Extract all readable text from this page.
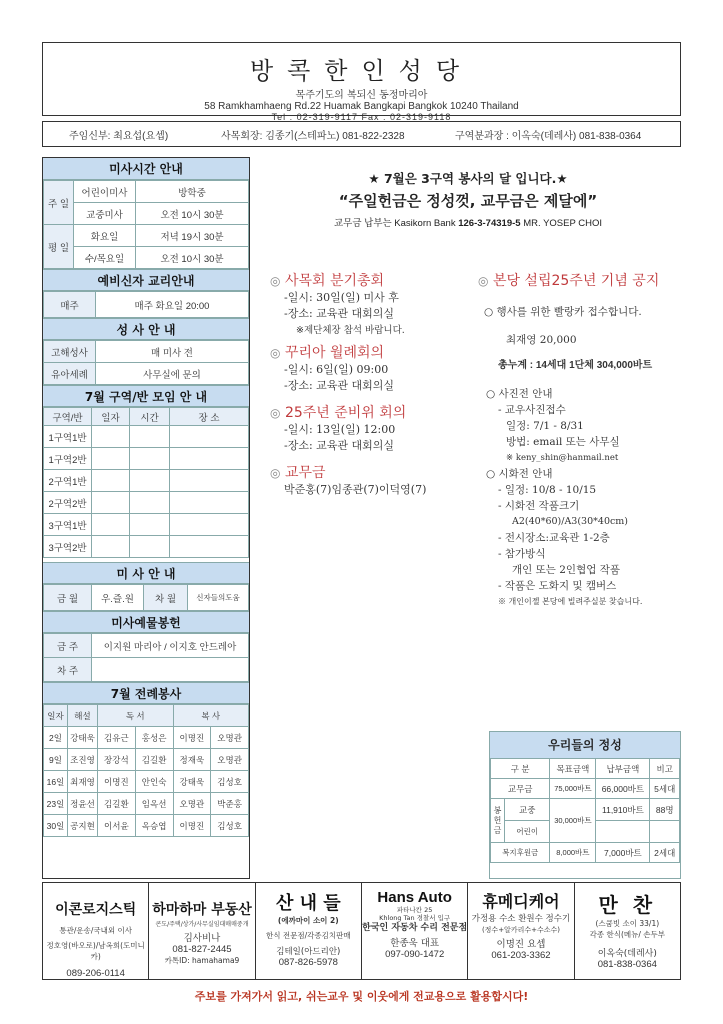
방콕한인성당
목주기도의 복되신 동정마리아
58 Ramkhamhaeng Rd.22 Huamak Bangkapi Bangkok 10240 Thailand
Tel : 02-319-9117 Fax : 02-319-9118
주임신부: 최요섭(요셉)	사목회장: 김종기(스테파노) 081-822-2328	구역분과장 : 이옥숙(데레사) 081-838-0364
미사시간 안내
주 일	어린이미사	방학중
	교중미사	오전 10시 30분
평 일	화요일	저녁 19시 30분
	수/목요일	오전 10시 30분
예비신자 교리안내
매주	매주 화요일 20:00
성 사 안 내
고해성사	매 미사 전
유아세례	사무실에 문의
7월 구역/반 모임 안 내
구역/반	일자	시간	장 소
1구역1반			
1구역2반			
2구역1반			
2구역2반			
3구역1반			
3구역2반			
미 사 안 내
금 월	우.즐.원	차 월	신자들의도움
미사예물봉헌
금 주	이지원 마리아 / 이지호 안드레아
차 주	
7월 전례봉사
일자	해설	독 서		복 사	
2일	강태욱	김유근	홍성은	이명진	오명관
9일	조진영	장강석	김길환	정재욱	오명관
16일	최재영	이명진	안인숙	강태욱	김성호
23일	정윤선	김길환	임옥선	오명관	박준홍
30일	공지현	이서윤	옥승엽	이명진	김성호
★ 7월은 3구역 봉사의 달 입니다.★
“주일헌금은 정성껏, 교무금은 제달에”
교무금 납부는 Kasikorn Bank 126-3-74319-5 MR. YOSEP CHOI
◎ 사목회 분기총회
-일시: 30일(일) 미사 후
-장소: 교육관 대회의실
※제단체장 참석 바랍니다.
◎ 꾸리아 월례회의
-일시: 6일(일) 09:00
-장소: 교육관 대회의실
◎ 25주년 준비위 회의
-일시: 13일(일) 12:00
-장소: 교육관 대회의실
◎ 교무금
박준홍(7)임종관(7)이덕영(7)
◎ 본당 설립25주년 기념 공지
○ 행사를 위한 빨랑카 접수합니다.
최재영 20,000
총누계 : 14세대 1단체 304,000바트
○ 사진전 안내
- 교우사진접수
일정: 7/1 - 8/31
방법: email 또는 사무실
※ keny_shin@hanmail.net
○ 시화전 안내
- 일정: 10/8 - 10/15
- 시화전 작품크기
A2(40*60)/A3(30*40cm)
- 전시장소:교육관 1-2층
- 참가방식
개인 또는 2인협업 작품
- 작품은 도화지 및 캠버스
※ 개인이젤 본당에 빌려주실분 찾습니다.
우리들의 정성
구 분		목표금액	납부금액	비고
교무금		75,000바트	66,000바트	5세대
봉 헌 금	교중	30,000바트	11,910바트	88명
	어린이			
복지후원금		8,000바트	7,000바트	2세대
이콘로지스틱
통관/운송/국내외 이사
정호영(바오로)/남옥희(도미니카)
089-206-0114
하마하마 부동산
콘도/주택/상가/사무실임대매매중개
김사비나
081-827-2445
카톡ID: hamahama9
산 내 들
(에까마이 소이 2)
한식 전문점/각종김치판매
김테일(아드리안)
087-826-5978
Hans Auto
파타나칸 25
Khlong Tan 경찰서 입구
한국인 자동차 수리 전문점
한종욱 대표
097-090-1472
휴메디케어
가정용 수소 환원수 정수기
(정수+알카리수+수소수)
이명진 요셉
061-203-3362
만 찬
(스쿰빗 소이 33/1)
각종 한식(메뉴/ 손두부
이옥숙(데레사)
081-838-0364
주보를 가져가서 읽고, 쉬는교우 및 이웃에게 전교용으로 활용합시다!
